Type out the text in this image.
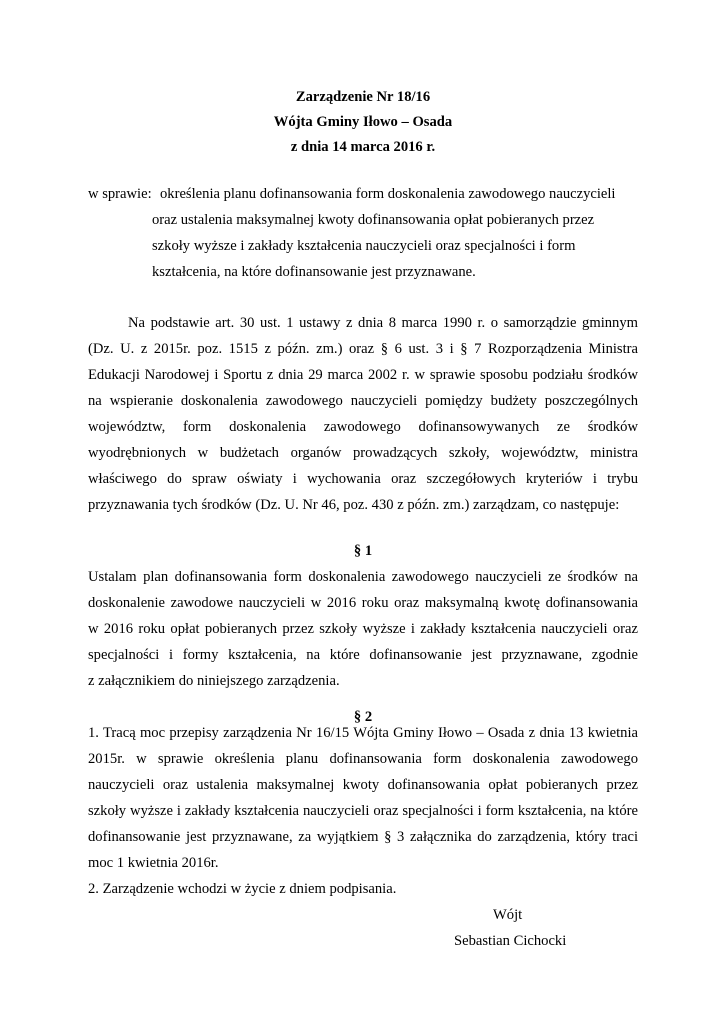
Zarządzenie Nr 18/16
Wójta Gminy Iłowo – Osada
z dnia 14 marca 2016 r.
w sprawie: określenia planu dofinansowania form doskonalenia zawodowego nauczycieli
oraz ustalenia maksymalnej kwoty dofinansowania opłat pobieranych przez
szkoły wyższe i zakłady kształcenia nauczycieli oraz specjalności i form
kształcenia, na które dofinansowanie jest przyznawane.
Na podstawie art. 30 ust. 1 ustawy z dnia 8 marca 1990 r. o samorządzie gminnym
(Dz. U. z 2015r. poz. 1515 z późn. zm.) oraz § 6 ust. 3 i § 7 Rozporządzenia Ministra
Edukacji Narodowej i Sportu z dnia 29 marca 2002 r. w sprawie sposobu podziału środków
na wspieranie doskonalenia zawodowego nauczycieli pomiędzy budżety poszczególnych
województw, form doskonalenia zawodowego dofinansowywanych ze środków
wyodrębnionych w budżetach organów prowadzących szkoły, województw, ministra
właściwego do spraw oświaty i wychowania oraz szczegółowych kryteriów i trybu
przyznawania tych środków (Dz. U. Nr 46, poz. 430 z późn. zm.) zarządzam, co następuje:
§ 1
Ustalam plan dofinansowania form doskonalenia zawodowego nauczycieli ze środków na
doskonalenie zawodowe nauczycieli w 2016 roku oraz maksymalną kwotę dofinansowania
w 2016 roku opłat pobieranych przez szkoły wyższe i zakłady kształcenia nauczycieli oraz
specjalności i formy kształcenia, na które dofinansowanie jest przyznawane, zgodnie
z załącznikiem do niniejszego zarządzenia.
§ 2
1. Tracą moc przepisy zarządzenia Nr 16/15 Wójta Gminy Iłowo – Osada z dnia 13 kwietnia
2015r. w sprawie określenia planu dofinansowania form doskonalenia zawodowego
nauczycieli oraz ustalenia maksymalnej kwoty dofinansowania opłat pobieranych przez
szkoły wyższe i zakłady kształcenia nauczycieli oraz specjalności i form kształcenia, na które
dofinansowanie jest przyznawane, za wyjątkiem § 3 załącznika do zarządzenia, który traci
moc 1 kwietnia 2016r.
2. Zarządzenie wchodzi w życie z dniem podpisania.
Wójt
Sebastian Cichocki
